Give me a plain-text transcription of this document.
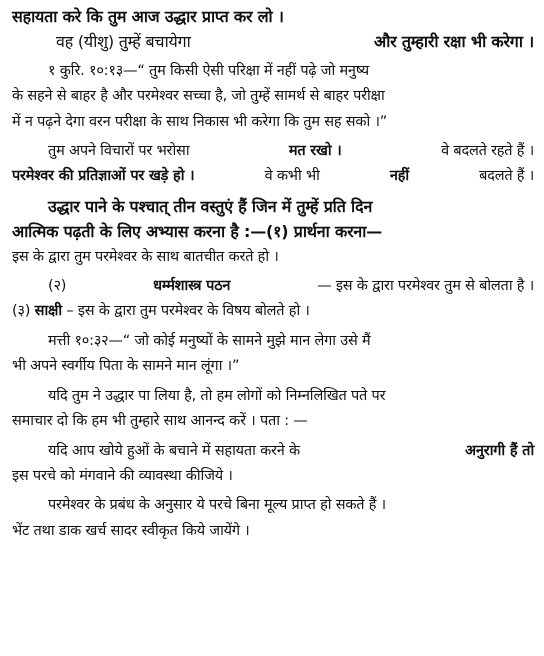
सहायता करे कि तुम आज उद्धार प्राप्त कर लो ।
वह (यीशु) तुम्हें बचायेगा	और तुम्हारी रक्षा भी करेगा ।
१ कुरि. १०:१३—“ तुम किसी ऐसी परिक्षा में नहीं पढ़े जो मनुष्य
के सहने से बाहर है और परमेश्वर सच्चा है, जो तुम्हें सामर्थ से बाहर परीक्षा
में न पढ़ने देगा वरन परीक्षा के साथ निकास भी करेगा कि तुम सह सको ।”
तुम अपने विचारों पर भरोसा	मत रखो ।	वे बदलते रहते हैं ।
परमेश्वर की प्रतिज्ञाओं पर खड़े हो ।	वे कभी भी	नहीं	बदलते हैं ।
उद्धार पाने के पश्चात् तीन वस्तुएं हैं जिन में तुम्हें प्रति दिन
आत्मिक पढ़ती के लिए अभ्यास करना है :—(१) प्रार्थना करना—
इस के द्वारा तुम परमेश्वर के साथ बातचीत करते हो ।
(२)	धर्म्मशास्त्र पठन	— इस के द्वारा परमेश्वर तुम से बोलता है ।
(३) साक्षी – इस के द्वारा तुम परमेश्वर के विषय बोलते हो ।
मत्ती १०:३२—“ जो कोई मनुष्यों के सामने मुझे मान लेगा उसे मैं
भी अपने स्वर्गीय पिता के सामने मान लूंगा ।”
यदि तुम ने उद्धार पा लिया है, तो हम लोगों को निम्नलिखित पते पर
समाचार दो कि हम भी तुम्हारे साथ आनन्द करें । पता : —
यदि आप खोये हुओं के बचाने में सहायता करने के	अनुरागी हैं तो
इस परचे को मंगवाने की व्यावस्था कीजिये ।
परमेश्वर के प्रबंध के अनुसार ये परचे बिना मूल्य प्राप्त हो सकते हैं ।
भेंट तथा डाक खर्च सादर स्वीकृत किये जायेंगे ।
